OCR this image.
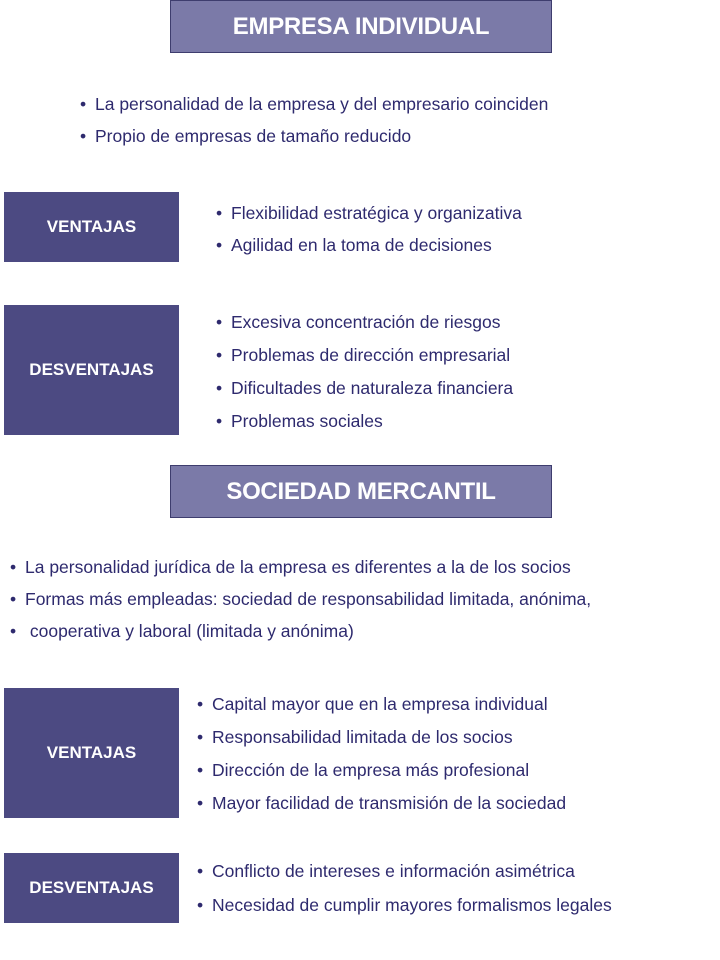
EMPRESA INDIVIDUAL
• La personalidad de la empresa y del empresario coinciden
• Propio de empresas de tamaño reducido
VENTAJAS
• Flexibilidad estratégica y organizativa
• Agilidad en la toma de decisiones
DESVENTAJAS
• Excesiva concentración de riesgos
• Problemas de dirección empresarial
• Dificultades de naturaleza financiera
• Problemas sociales
SOCIEDAD MERCANTIL
• La personalidad jurídica de la empresa es diferentes a la de los socios
• Formas más empleadas: sociedad de responsabilidad limitada, anónima,
• cooperativa y laboral (limitada y anónima)
VENTAJAS
• Capital mayor que en la empresa individual
• Responsabilidad limitada de los socios
• Dirección de la empresa más profesional
• Mayor facilidad de transmisión de la sociedad
DESVENTAJAS
• Conflicto de intereses e información asimétrica
• Necesidad de cumplir mayores formalismos legales
